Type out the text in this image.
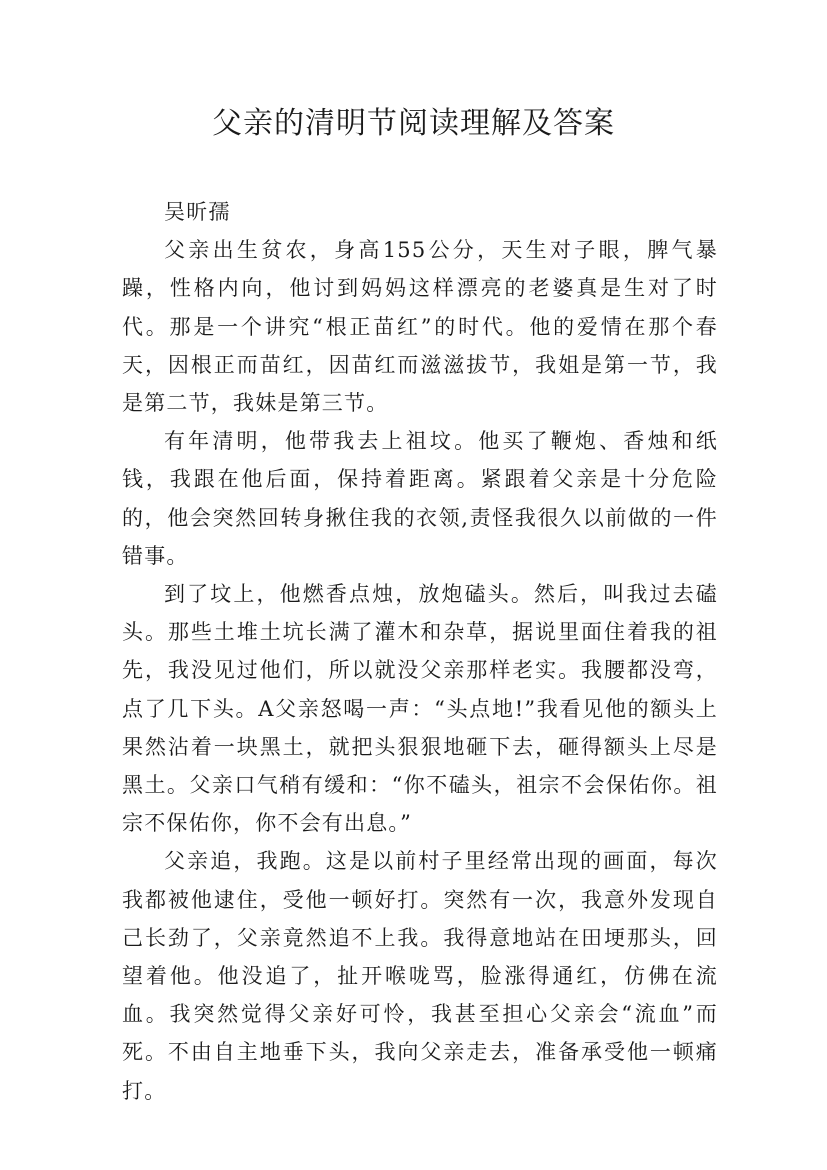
父亲的清明节阅读理解及答案

吴昕孺

父亲出生贫农，身高155公分，天生对子眼，脾气暴躁，性格内向，他讨到妈妈这样漂亮的老婆真是生对了时代。那是一个讲究“根正苗红”的时代。他的爱情在那个春天，因根正而苗红，因苗红而滋滋拔节，我姐是第一节，我是第二节，我妹是第三节。

有年清明，他带我去上祖坟。他买了鞭炮、香烛和纸钱，我跟在他后面，保持着距离。紧跟着父亲是十分危险的，他会突然回转身揪住我的衣领,责怪我很久以前做的一件错事。

到了坟上，他燃香点烛，放炮磕头。然后，叫我过去磕头。那些土堆土坑长满了灌木和杂草，据说里面住着我的祖先，我没见过他们，所以就没父亲那样老实。我腰都没弯，点了几下头。A父亲怒喝一声：“头点地!”我看见他的额头上果然沾着一块黑土，就把头狠狠地砸下去，砸得额头上尽是黑土。父亲口气稍有缓和：“你不磕头，祖宗不会保佑你。祖宗不保佑你，你不会有出息。”

父亲追，我跑。这是以前村子里经常出现的画面，每次我都被他逮住，受他一顿好打。突然有一次，我意外发现自己长劲了，父亲竟然追不上我。我得意地站在田埂那头，回望着他。他没追了，扯开喉咙骂，脸涨得通红，仿佛在流血。我突然觉得父亲好可怜，我甚至担心父亲会“流血”而死。不由自主地垂下头，我向父亲走去，准备承受他一顿痛打。
